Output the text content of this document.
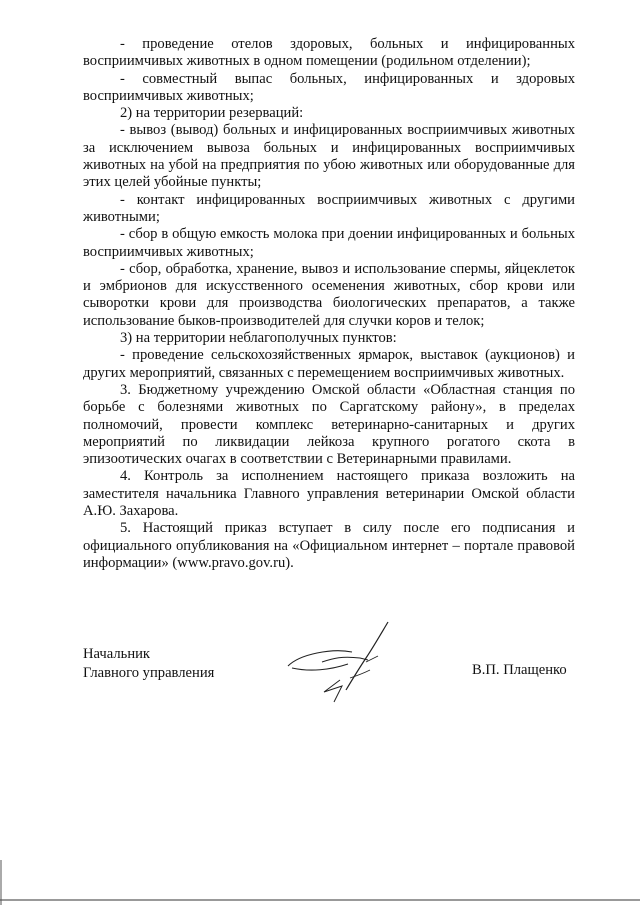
- проведение отелов здоровых, больных и инфицированных восприимчивых животных в одном помещении (родильном отделении);

- совместный выпас больных, инфицированных и здоровых восприимчивых животных;

2) на территории резерваций:

- вывоз (вывод) больных и инфицированных восприимчивых животных за исключением вывоза больных и инфицированных восприимчивых животных на убой на предприятия по убою животных или оборудованные для этих целей убойные пункты;

- контакт инфицированных восприимчивых животных с другими животными;

- сбор в общую емкость молока при доении инфицированных и больных восприимчивых животных;

- сбор, обработка, хранение, вывоз и использование спермы, яйцеклеток и эмбрионов для искусственного осеменения животных, сбор крови или сыворотки крови для производства биологических препаратов, а также использование быков-производителей для случки коров и телок;

3) на территории неблагополучных пунктов:

- проведение сельскохозяйственных ярмарок, выставок (аукционов) и других мероприятий, связанных с перемещением восприимчивых животных.

3. Бюджетному учреждению Омской области «Областная станция по борьбе с болезнями животных по Саргатскому району», в пределах полномочий, провести комплекс ветеринарно-санитарных и других мероприятий по ликвидации лейкоза крупного рогатого скота в эпизоотических очагах в соответствии с Ветеринарными правилами.

4. Контроль за исполнением настоящего приказа возложить на заместителя начальника Главного управления ветеринарии Омской области А.Ю. Захарова.

5. Настоящий приказ вступает в силу после его подписания и официального опубликования на «Официальном интернет – портале правовой информации» (www.pravo.gov.ru).

Начальник
Главного управления	В.П. Плащенко
